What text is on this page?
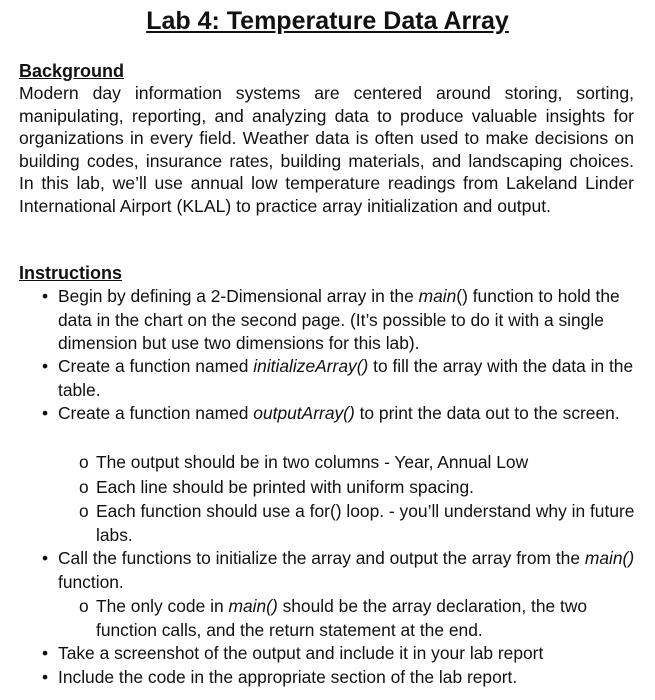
Lab 4: Temperature Data Array
Background
Modern day information systems are centered around storing, sorting, manipulating, reporting, and analyzing data to produce valuable insights for organizations in every field. Weather data is often used to make decisions on building codes, insurance rates, building materials, and landscaping choices. In this lab, we’ll use annual low temperature readings from Lakeland Linder International Airport (KLAL) to practice array initialization and output.
Instructions
• Begin by defining a 2-Dimensional array in the main() function to hold the data in the chart on the second page. (It’s possible to do it with a single dimension but use two dimensions for this lab).
• Create a function named initializeArray() to fill the array with the data in the table.
• Create a function named outputArray() to print the data out to the screen.
o The output should be in two columns - Year, Annual Low
o Each line should be printed with uniform spacing.
o Each function should use a for() loop. - you’ll understand why in future labs.
• Call the functions to initialize the array and output the array from the main() function.
o The only code in main() should be the array declaration, the two function calls, and the return statement at the end.
• Take a screenshot of the output and include it in your lab report
• Include the code in the appropriate section of the lab report.
